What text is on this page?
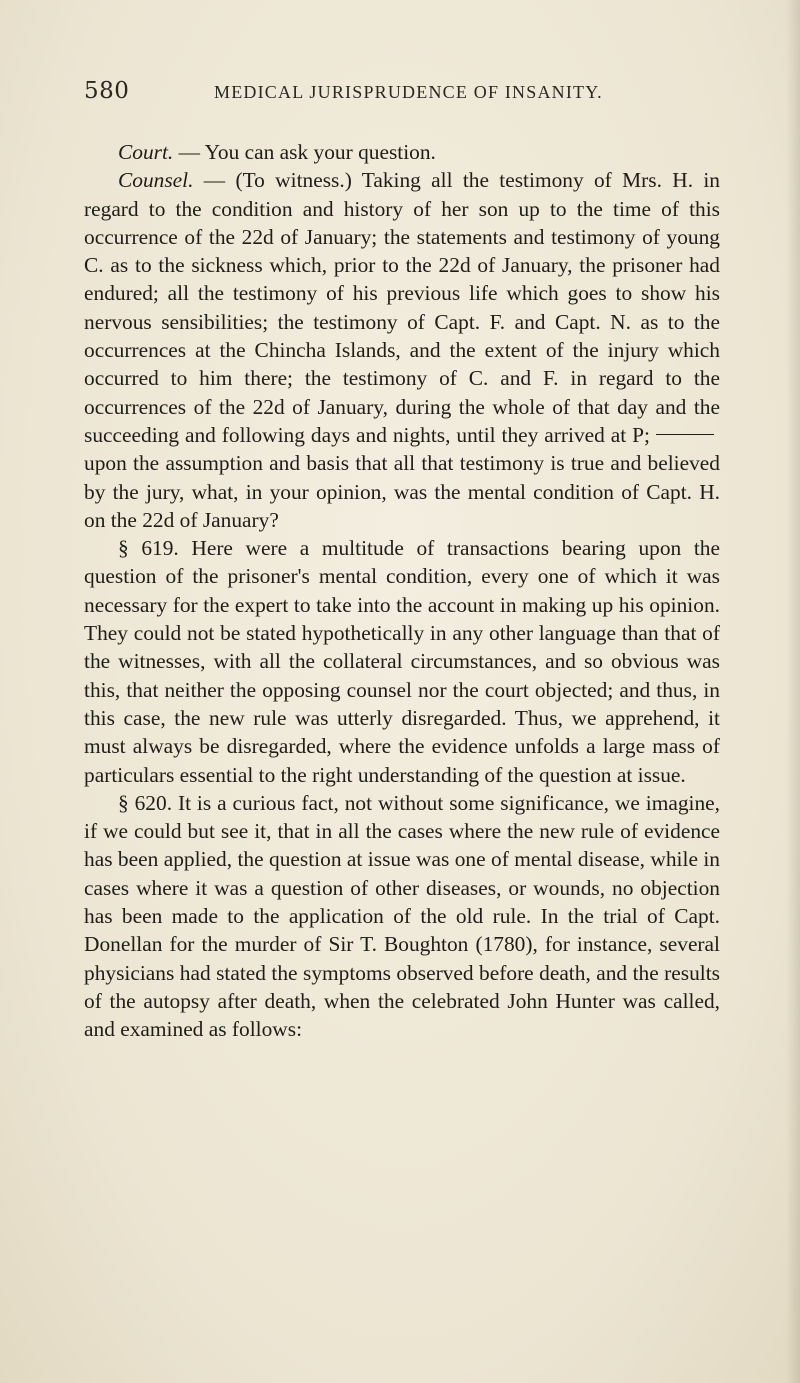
580	MEDICAL JURISPRUDENCE OF INSANITY.

Court. — You can ask your question.

Counsel. — (To witness.) Taking all the testimony of Mrs. H. in regard to the condition and history of her son up to the time of this occurrence of the 22d of January; the statements and testimony of young C. as to the sickness which, prior to the 22d of January, the prisoner had endured; all the testimony of his previous life which goes to show his nervous sensibilities; the testimony of Capt. F. and Capt. N. as to the occurrences at the Chincha Islands, and the extent of the injury which occurred to him there; the testimony of C. and F. in regard to the occurrences of the 22d of January, during the whole of that day and the succeeding and following days and nights, until they arrived at P;upon the assumption and basis that all that testimony is true and believed by the jury, what, in your opinion, was the mental condition of Capt. H. on the 22d of January?

§ 619. Here were a multitude of transactions bearing upon the question of the prisoner's mental condition, every one of which it was necessary for the expert to take into the account in making up his opinion. They could not be stated hypothetically in any other language than that of the witnesses, with all the collateral circumstances, and so obvious was this, that neither the opposing counsel nor the court objected; and thus, in this case, the new rule was utterly disregarded. Thus, we apprehend, it must always be disregarded, where the evidence unfolds a large mass of particulars essential to the right understanding of the question at issue.

§ 620. It is a curious fact, not without some significance, we imagine, if we could but see it, that in all the cases where the new rule of evidence has been applied, the question at issue was one of mental disease, while in cases where it was a question of other diseases, or wounds, no objection has been made to the application of the old rule. In the trial of Capt. Donellan for the murder of Sir T. Boughton (1780), for instance, several physicians had stated the symptoms observed before death, and the results of the autopsy after death, when the celebrated John Hunter was called, and examined as follows:
